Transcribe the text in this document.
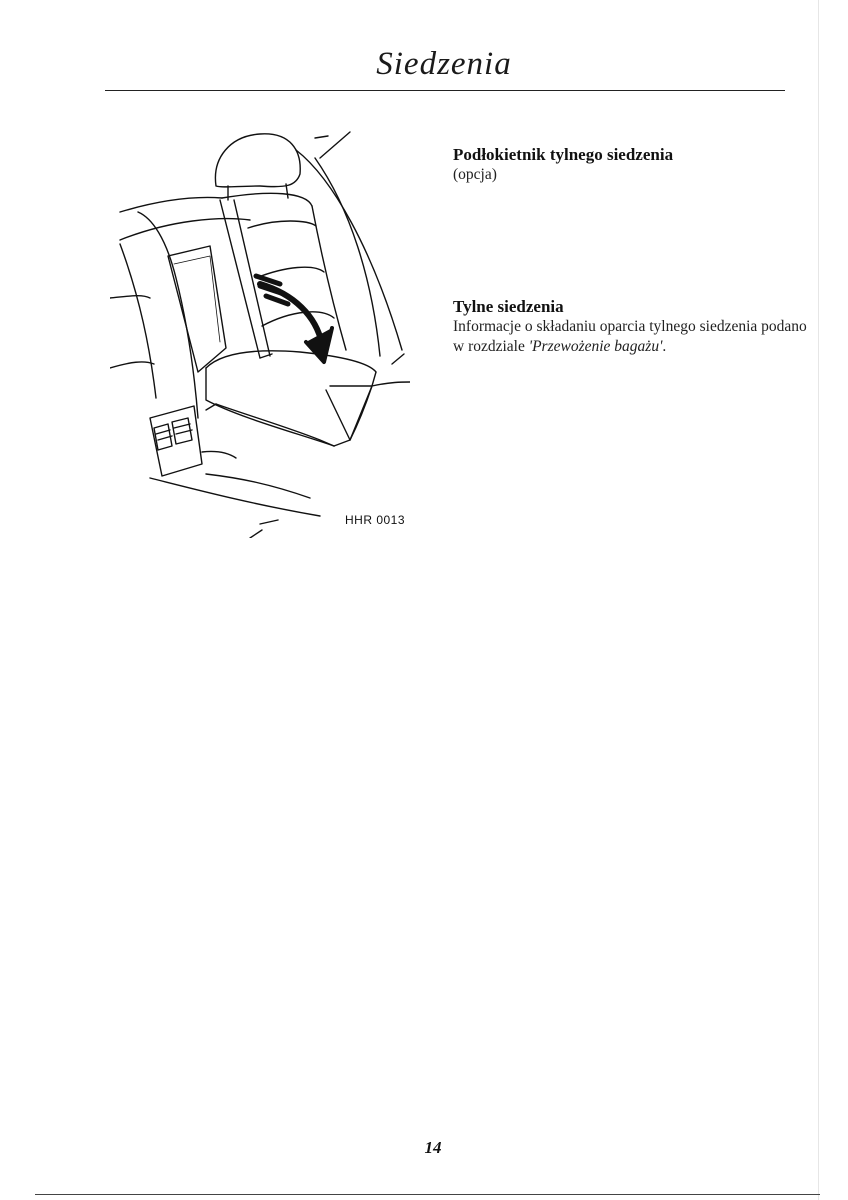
Siedzenia
HHR 0013

Podłokietnik tylnego siedzenia

(opcja)

Tylne siedzenia

Informacje o składaniu oparcia tylnego siedzenia podano w rozdziale 'Przewożenie bagażu'.

14
